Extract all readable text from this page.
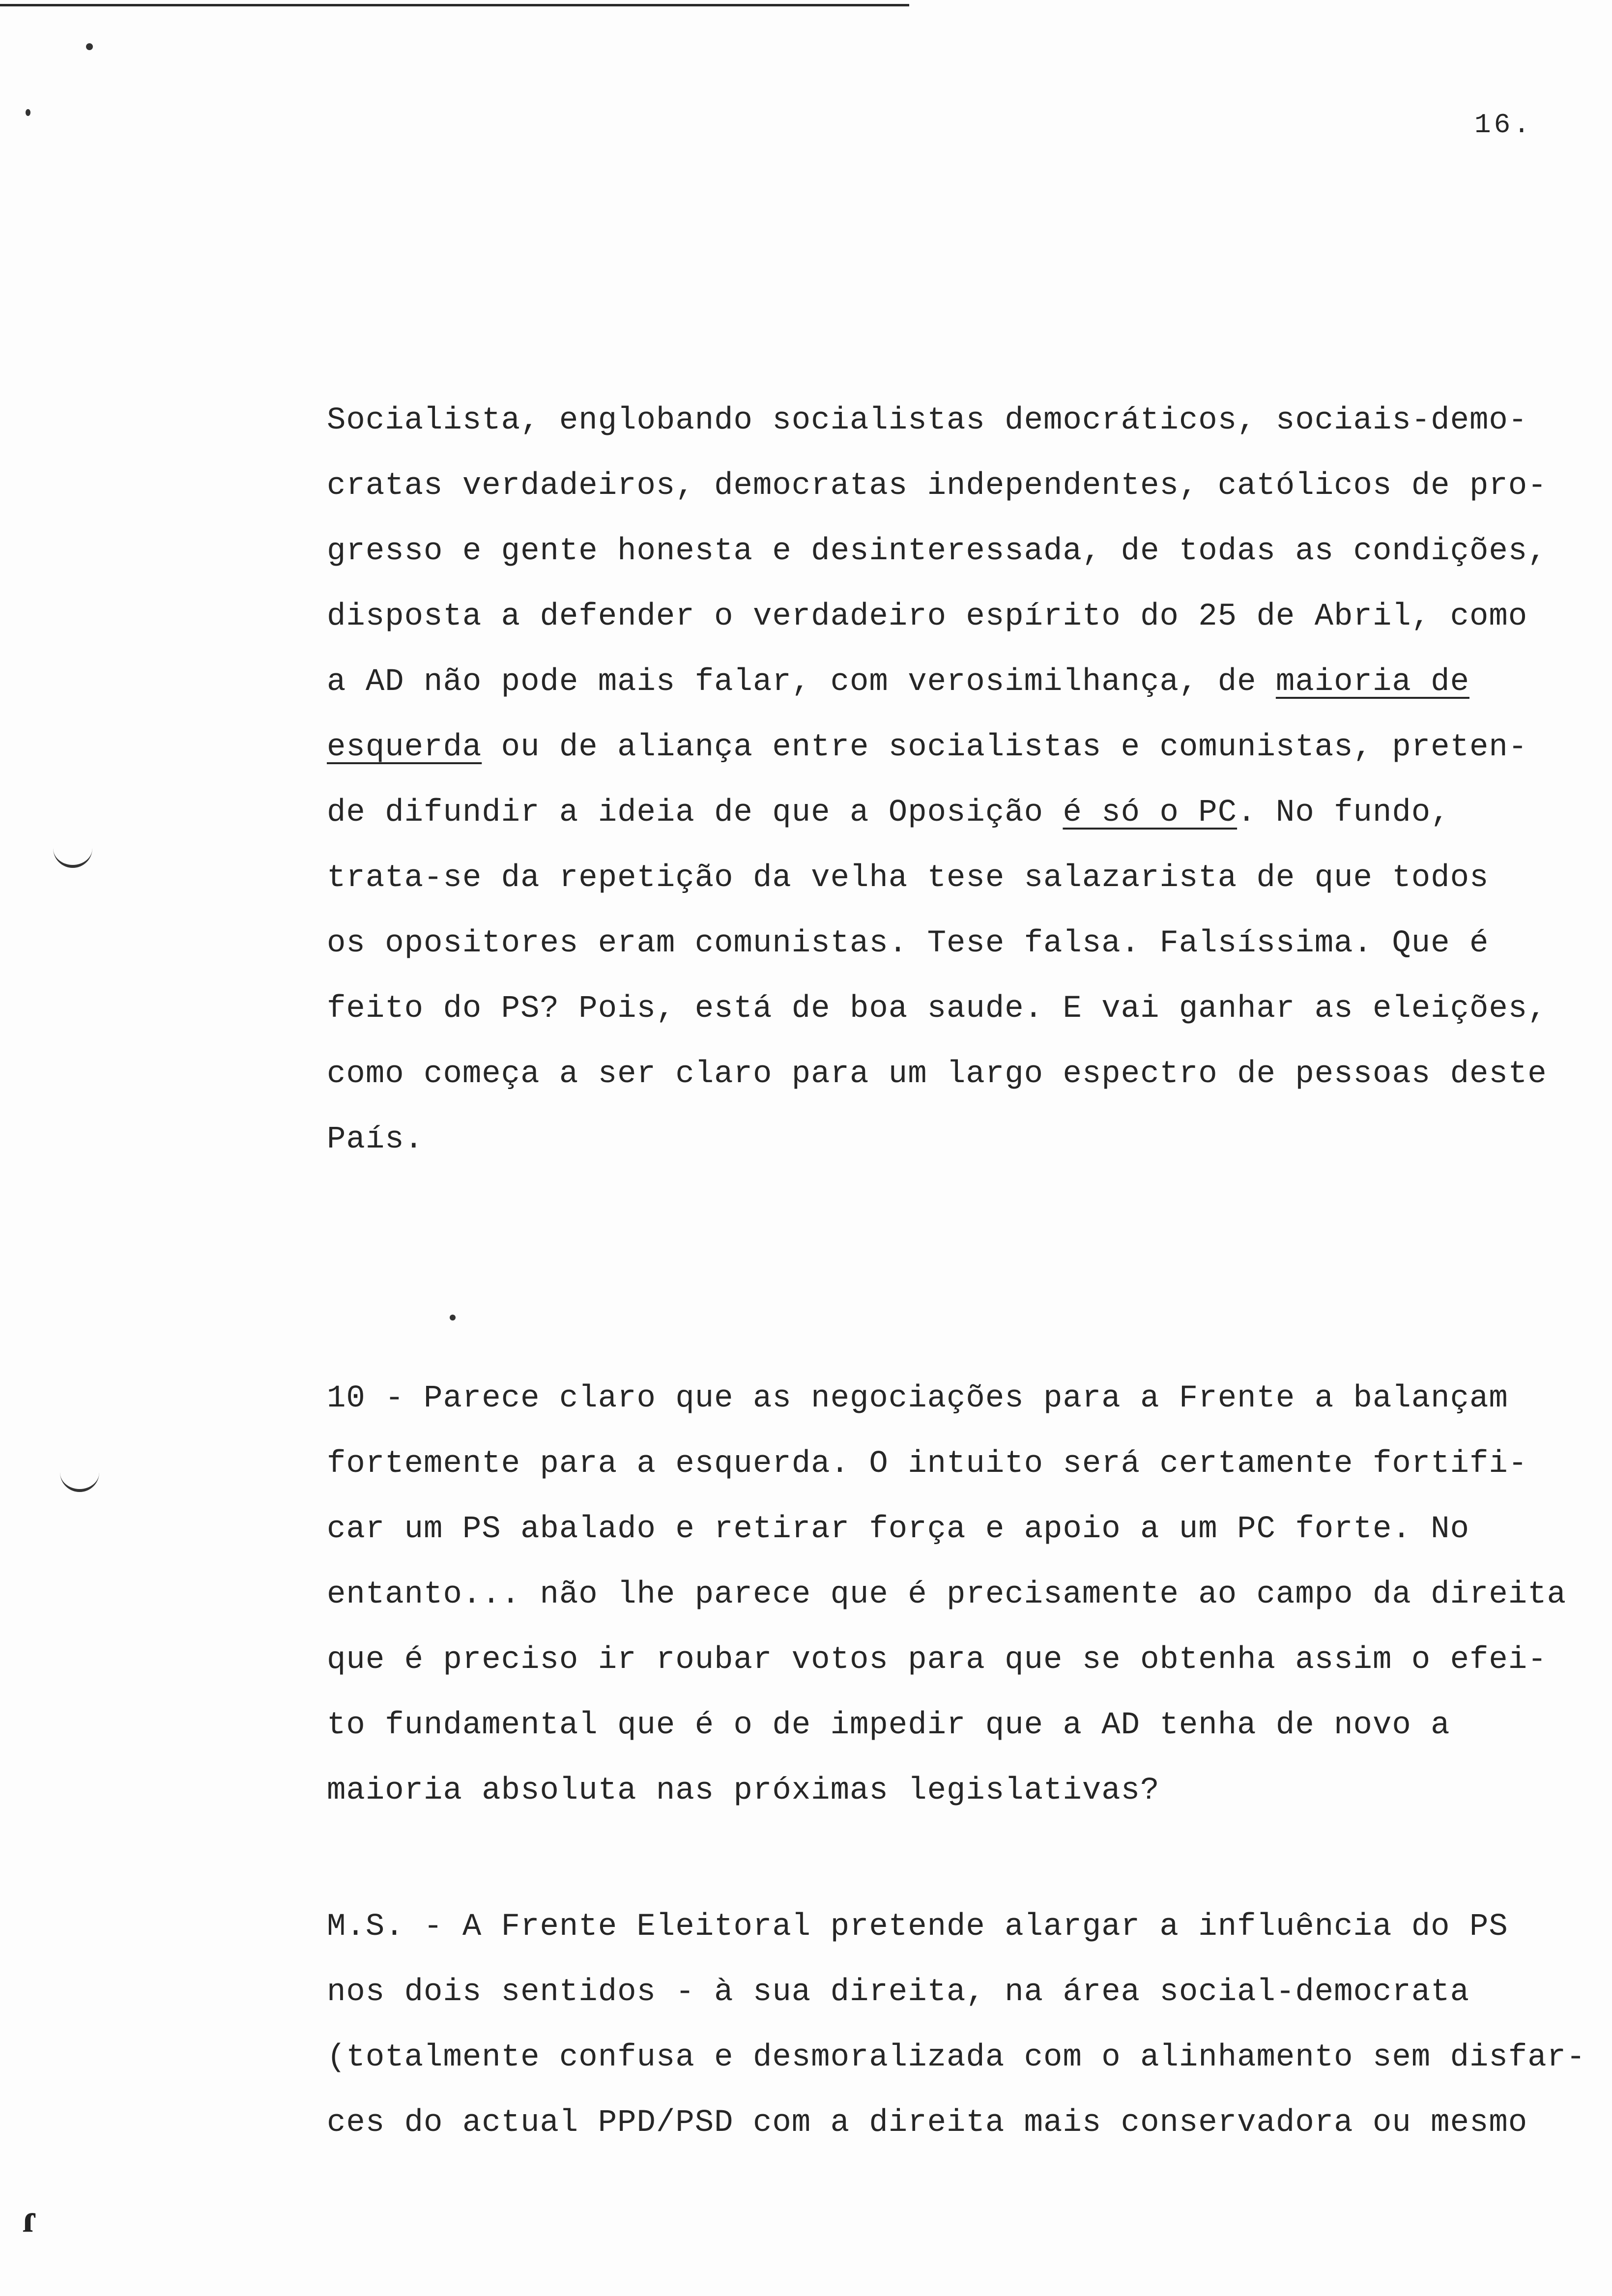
ɾ
16.
Socialista, englobando socialistas democráticos, sociais-demo-
cratas verdadeiros, democratas independentes, católicos de pro-
gresso e gente honesta e desinteressada, de todas as condições,
disposta a defender o verdadeiro espírito do 25 de Abril, como
a AD não pode mais falar, com verosimilhança, de maioria de
esquerda ou de aliança entre socialistas e comunistas, preten-
de difundir a ideia de que a Oposição é só o PC. No fundo,
trata-se da repetição da velha tese salazarista de que todos
os opositores eram comunistas. Tese falsa. Falsíssima. Que é
feito do PS? Pois, está de boa saude. E vai ganhar as eleições,
como começa a ser claro para um largo espectro de pessoas deste
País.
10 - Parece claro que as negociações para a Frente a balançam
fortemente para a esquerda. O intuito será certamente fortifi-
car um PS abalado e retirar força e apoio a um PC forte. No
entanto... não lhe parece que é precisamente ao campo da direita
que é preciso ir roubar votos para que se obtenha assim o efei-
to fundamental que é o de impedir que a AD tenha de novo a
maioria absoluta nas próximas legislativas?
M.S. - A Frente Eleitoral pretende alargar a influência do PS
nos dois sentidos - à sua direita, na área social-democrata
(totalmente confusa e desmoralizada com o alinhamento sem disfar-
ces do actual PPD/PSD com a direita mais conservadora ou mesmo
